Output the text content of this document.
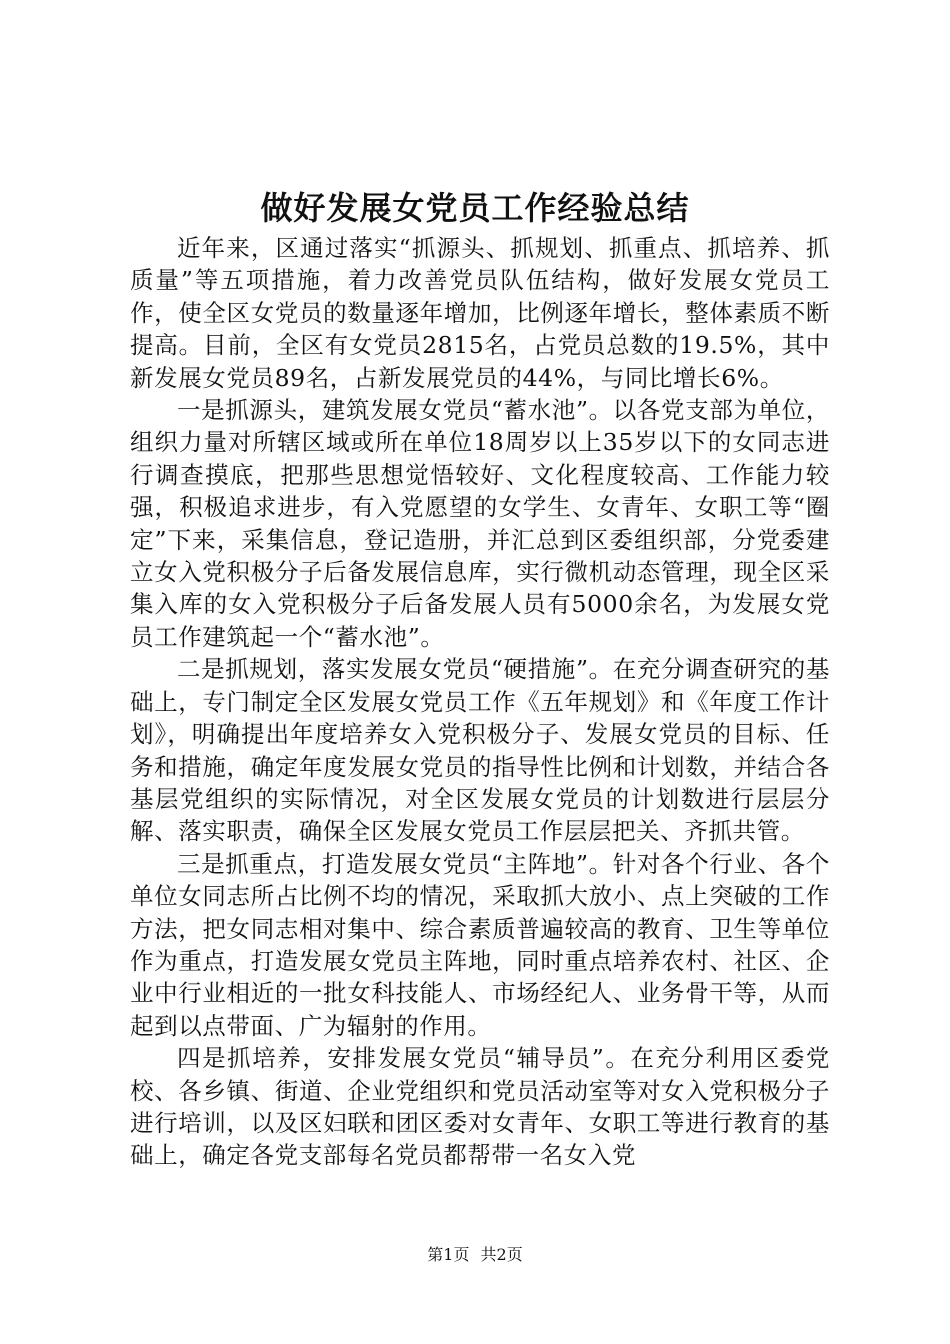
做好发展女党员工作经验总结

近年来，区通过落实“抓源头、抓规划、抓重点、抓培养、抓质量”等五项措施，着力改善党员队伍结构，做好发展女党员工作，使全区女党员的数量逐年增加，比例逐年增长，整体素质不断提高。目前，全区有女党员2815名，占党员总数的19.5%，其中新发展女党员89名，占新发展党员的44%，与同比增长6%。

一是抓源头，建筑发展女党员“蓄水池”。以各党支部为单位，组织力量对所辖区域或所在单位18周岁以上35岁以下的女同志进行调查摸底，把那些思想觉悟较好、文化程度较高、工作能力较强，积极追求进步，有入党愿望的女学生、女青年、女职工等“圈定”下来，采集信息，登记造册，并汇总到区委组织部，分党委建立女入党积极分子后备发展信息库，实行微机动态管理，现全区采集入库的女入党积极分子后备发展人员有5000余名，为发展女党员工作建筑起一个“蓄水池”。

二是抓规划，落实发展女党员“硬措施”。在充分调查研究的基础上，专门制定全区发展女党员工作《五年规划》和《年度工作计划》，明确提出年度培养女入党积极分子、发展女党员的目标、任务和措施，确定年度发展女党员的指导性比例和计划数，并结合各基层党组织的实际情况，对全区发展女党员的计划数进行层层分解、落实职责，确保全区发展女党员工作层层把关、齐抓共管。

三是抓重点，打造发展女党员“主阵地”。针对各个行业、各个单位女同志所占比例不均的情况，采取抓大放小、点上突破的工作方法，把女同志相对集中、综合素质普遍较高的教育、卫生等单位作为重点，打造发展女党员主阵地，同时重点培养农村、社区、企业中行业相近的一批女科技能人、市场经纪人、业务骨干等，从而起到以点带面、广为辐射的作用。

四是抓培养，安排发展女党员“辅导员”。在充分利用区委党校、各乡镇、街道、企业党组织和党员活动室等对女入党积极分子进行培训，以及区妇联和团区委对女青年、女职工等进行教育的基础上，确定各党支部每名党员都帮带一名女入党

第1页 共2页
